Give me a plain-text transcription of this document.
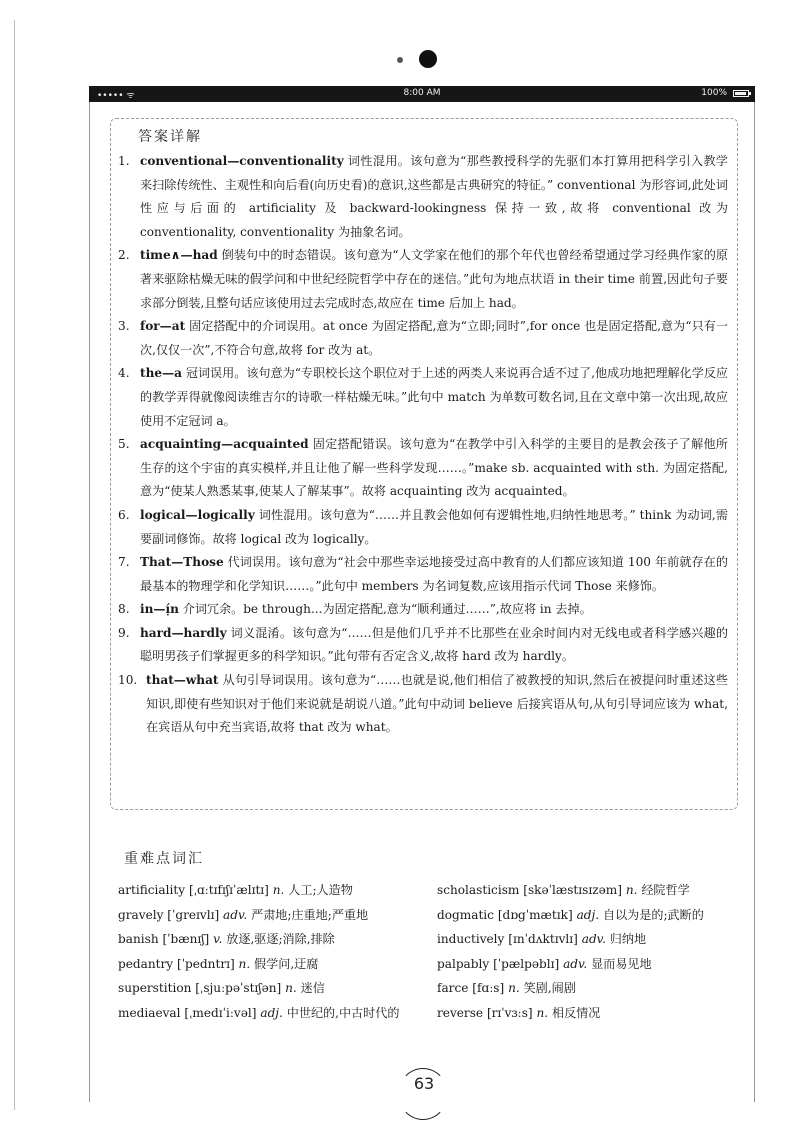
••••• ᯤ	8:00 AM	100%
答案详解
1. conventional—conventionality 词性混用。该句意为“那些教授科学的先驱们本打算用把科学引入教学来扫除传统性、主观性和向后看(向历史看)的意识,这些都是古典研究的特征。” conventional 为形容词,此处词性应与后面的 artificiality 及 backward-lookingness 保持一致,故将 conventional 改为 conventionality, conventionality 为抽象名词。
2. time∧—had 倒装句中的时态错误。该句意为“人文学家在他们的那个年代也曾经希望通过学习经典作家的原著来驱除枯燥无味的假学问和中世纪经院哲学中存在的迷信。”此句为地点状语 in their time 前置,因此句子要求部分倒装,且整句话应该使用过去完成时态,故应在 time 后加上 had。
3. for—at 固定搭配中的介词误用。at once 为固定搭配,意为“立即;同时”,for once 也是固定搭配,意为“只有一次,仅仅一次”,不符合句意,故将 for 改为 at。
4. the—a 冠词误用。该句意为“专职校长这个职位对于上述的两类人来说再合适不过了,他成功地把理解化学反应的教学弄得就像阅读维吉尔的诗歌一样枯燥无味。”此句中 match 为单数可数名词,且在文章中第一次出现,故应使用不定冠词 a。
5. acquainting—acquainted 固定搭配错误。该句意为“在教学中引入科学的主要目的是教会孩子了解他所生存的这个宇宙的真实模样,并且让他了解一些科学发现……。”make sb. acquainted with sth. 为固定搭配,意为“使某人熟悉某事,使某人了解某事”。故将 acquainting 改为 acquainted。
6. logical—logically 词性混用。该句意为“……并且教会他如何有逻辑性地,归纳性地思考。” think 为动词,需要副词修饰。故将 logical 改为 logically。
7. That—Those 代词误用。该句意为“社会中那些幸运地接受过高中教育的人们都应该知道 100 年前就存在的最基本的物理学和化学知识……。”此句中 members 为名词复数,应该用指示代词 Those 来修饰。
8. in—ị́n 介词冗余。be through...为固定搭配,意为“顺利通过……”,故应将 in 去掉。
9. hard—hardly 词义混淆。该句意为“……但是他们几乎并不比那些在业余时间内对无线电或者科学感兴趣的聪明男孩子们掌握更多的科学知识。”此句带有否定含义,故将 hard 改为 hardly。
10. that—what 从句引导词误用。该句意为“……也就是说,他们相信了被教授的知识,然后在被提问时重述这些知识,即使有些知识对于他们来说就是胡说八道。”此句中动词 believe 后接宾语从句,从句引导词应该为 what,在宾语从句中充当宾语,故将 that 改为 what。
重难点词汇
artificiality [ˌɑːtɪfɪʃɪˈælɪtɪ] n. 人工;人造物
gravely [ˈgreɪvlɪ] adv. 严肃地;庄重地;严重地
banish [ˈbænɪʃ] v. 放逐,驱逐;消除,排除
pedantry [ˈpedntrɪ] n. 假学问,迂腐
superstition [ˌsjuːpəˈstɪʃən] n. 迷信
mediaeval [ˌmedɪˈiːvəl] adj. 中世纪的,中古时代的
scholasticism [skəˈlæstɪsɪzəm] n. 经院哲学
dogmatic [dɒgˈmætɪk] adj. 自以为是的;武断的
inductively [ɪnˈdʌktɪvlɪ] adv. 归纳地
palpably [ˈpælpəblɪ] adv. 显而易见地
farce [fɑːs] n. 笑剧,闹剧
reverse [rɪˈvɜːs] n. 相反情况
63
